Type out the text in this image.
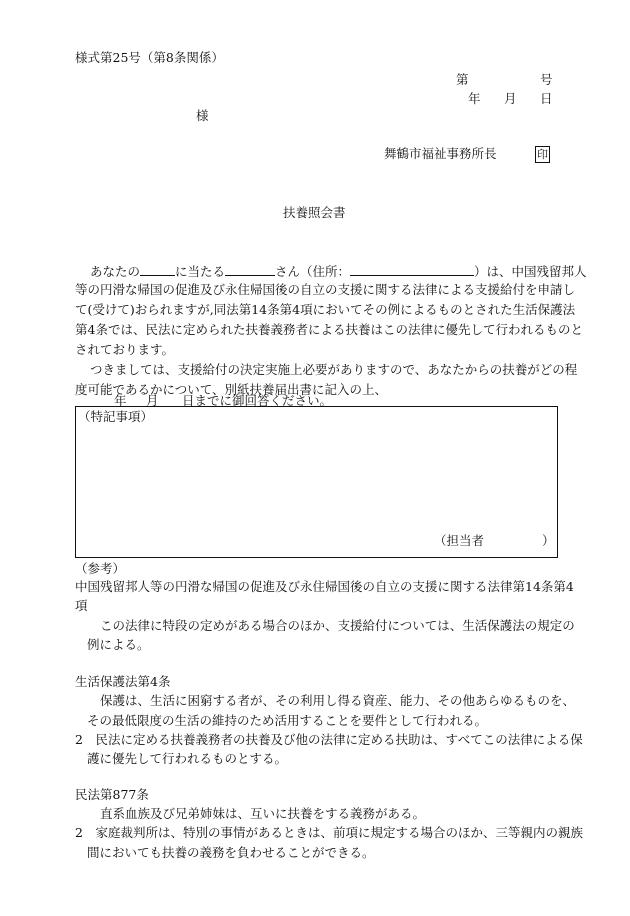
様式第25号（第8条関係）
第	号
年 月 日
様
舞鶴市福祉事務所長	印
扶養照会書
あなたの	に当たる	さん（住所：	）は、中国残留邦人
等の円滑な帰国の促進及び永住帰国後の自立の支援に関する法律による支援給付を申請し
て(受けて)おられますが,同法第14条第4項においてその例によるものとされた生活保護法
第4条では、民法に定められた扶養義務者による扶養はこの法律に優先して行われるものと
されております。
つきましては、支援給付の決定実施上必要がありますので、あなたからの扶養がどの程
度可能であるかについて、別紙扶養届出書に記入の上、
年 月 日までに御回答ください。
（特記事項）
（担当者	）
（参考）
中国残留邦人等の円滑な帰国の促進及び永住帰国後の自立の支援に関する法律第14条第4
項
この法律に特段の定めがある場合のほか、支援給付については、生活保護法の規定の
例による。
生活保護法第4条
保護は、生活に困窮する者が、その利用し得る資産、能力、その他あらゆるものを、
その最低限度の生活の維持のため活用することを要件として行われる。
2　民法に定める扶養義務者の扶養及び他の法律に定める扶助は、すべてこの法律による保
護に優先して行われるものとする。
民法第877条
直系血族及び兄弟姉妹は、互いに扶養をする義務がある。
2　家庭裁判所は、特別の事情があるときは、前項に規定する場合のほか、三等親内の親族
間においても扶養の義務を負わせることができる。
